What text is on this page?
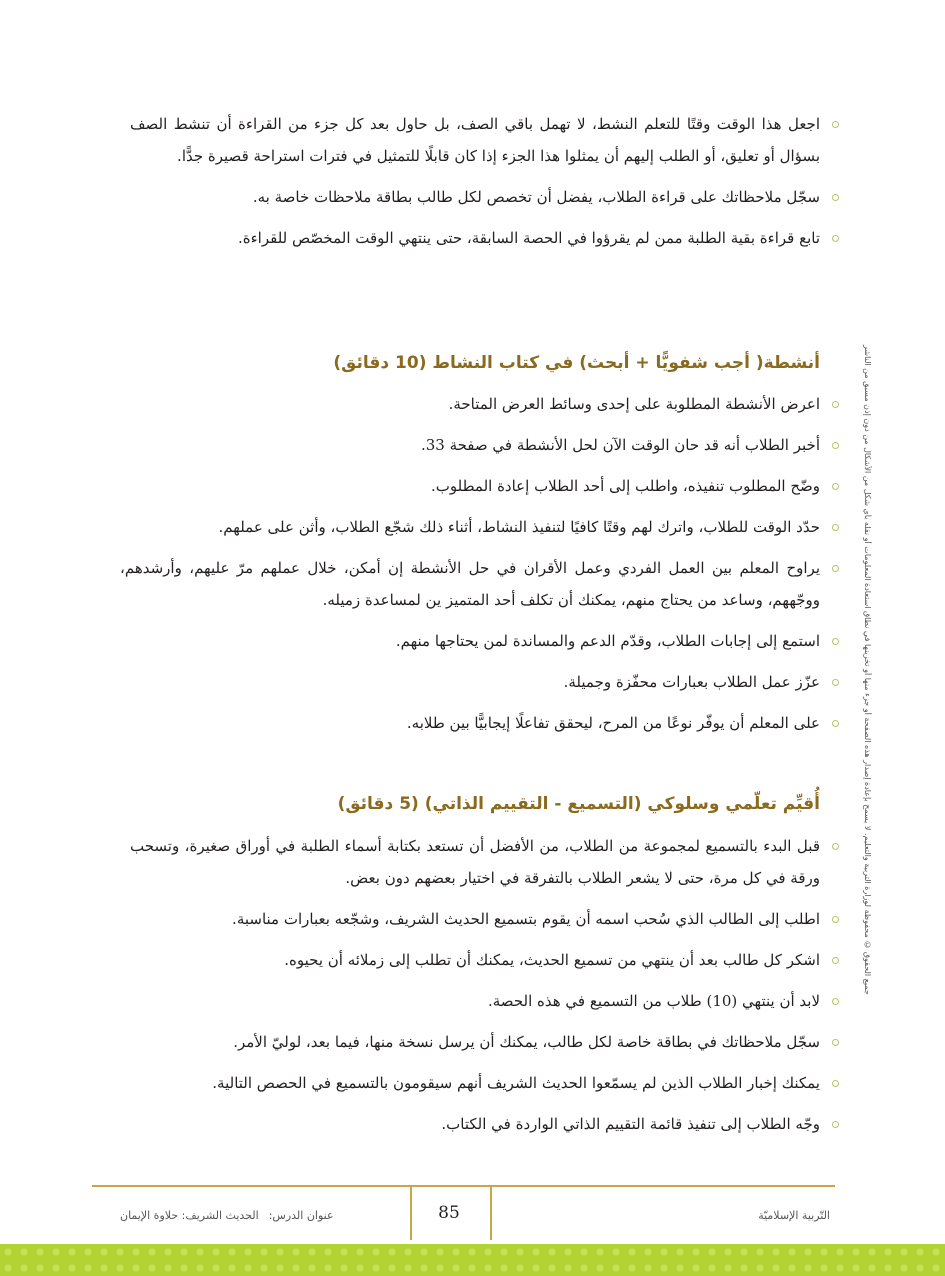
جميع الحقوق © محفوظة لوزارة التربية والتعليم. لا يسمح بإعادة إصدار هذه الصفحة أو جزء منها أو تخزينها في نطاق استعادة المعلومات أو نقله بأي شكل من الأشكال من دون إذن مسبق من الناشر
اجعل هذا الوقت وقتًا للتعلم النشط، لا تهمل باقي الصف، بل حاول بعد كل جزء من القراءة أن تنشط الصف بسؤال أو تعليق، أو الطلب إليهم أن يمثلوا هذا الجزء إذا كان قابلًا للتمثيل في فترات استراحة قصيرة جدًّا.
سجّل ملاحظاتك على قراءة الطلاب، يفضل أن تخصص لكل طالب بطاقة ملاحظات خاصة به.
تابع قراءة بقية الطلبة ممن لم يقرؤوا في الحصة السابقة، حتى ينتهي الوقت المخصّص للقراءة.
أنشطة( أجب شفويًّا + أبحث) في كتاب النشاط (10 دقائق)
اعرض الأنشطة المطلوبة على إحدى وسائط العرض المتاحة.
أخبر الطلاب أنه قد حان الوقت الآن لحل الأنشطة في صفحة 33.
وضّح المطلوب تنفيذه، واطلب إلى أحد الطلاب إعادة المطلوب.
حدّد الوقت للطلاب، واترك لهم وقتًا كافيًا لتنفيذ النشاط، أثناء ذلك شجّع الطلاب، وأثن على عملهم.
يراوح المعلم بين العمل الفردي وعمل الأقران في حل الأنشطة إن أمكن، خلال عملهم مرّ عليهم، وأرشدهم، ووجّههم، وساعد من يحتاج منهم، يمكنك أن تكلف أحد المتميز ين لمساعدة زميله.
استمع إلى إجابات الطلاب، وقدّم الدعم والمساندة لمن يحتاجها منهم.
عزّز عمل الطلاب بعبارات محفّزة وجميلة.
على المعلم أن يوفّر نوعًا من المرح، ليحقق تفاعلًا إيجابيًّا بين طلابه.
أُقيِّم تعلّمي وسلوكي (التسميع - التقييم الذاتي) (5 دقائق)
قبل البدء بالتسميع لمجموعة من الطلاب، من الأفضل أن تستعد بكتابة أسماء الطلبة في أوراق صغيرة، وتسحب ورقة في كل مرة، حتى لا يشعر الطلاب بالتفرقة في اختيار بعضهم دون بعض.
اطلب إلى الطالب الذي سُحب اسمه أن يقوم بتسميع الحديث الشريف، وشجّعه بعبارات مناسبة.
اشكر كل طالب بعد أن ينتهي من تسميع الحديث، يمكنك أن تطلب إلى زملائه أن يحيوه.
لابد أن ينتهي (10) طلاب من التسميع في هذه الحصة.
سجّل ملاحظاتك في بطاقة خاصة لكل طالب، يمكنك أن يرسل نسخة منها، فيما بعد، لوليّ الأمر.
يمكنك إخبار الطلاب الذين لم يسمّعوا الحديث الشريف أنهم سيقومون بالتسميع في الحصص التالية.
وجّه الطلاب إلى تنفيذ قائمة التقييم الذاتي الواردة في الكتاب.
85	التّربية الإسلاميّة
عنوان الدرس:الحديث الشريف: حلاوة الإيمان
